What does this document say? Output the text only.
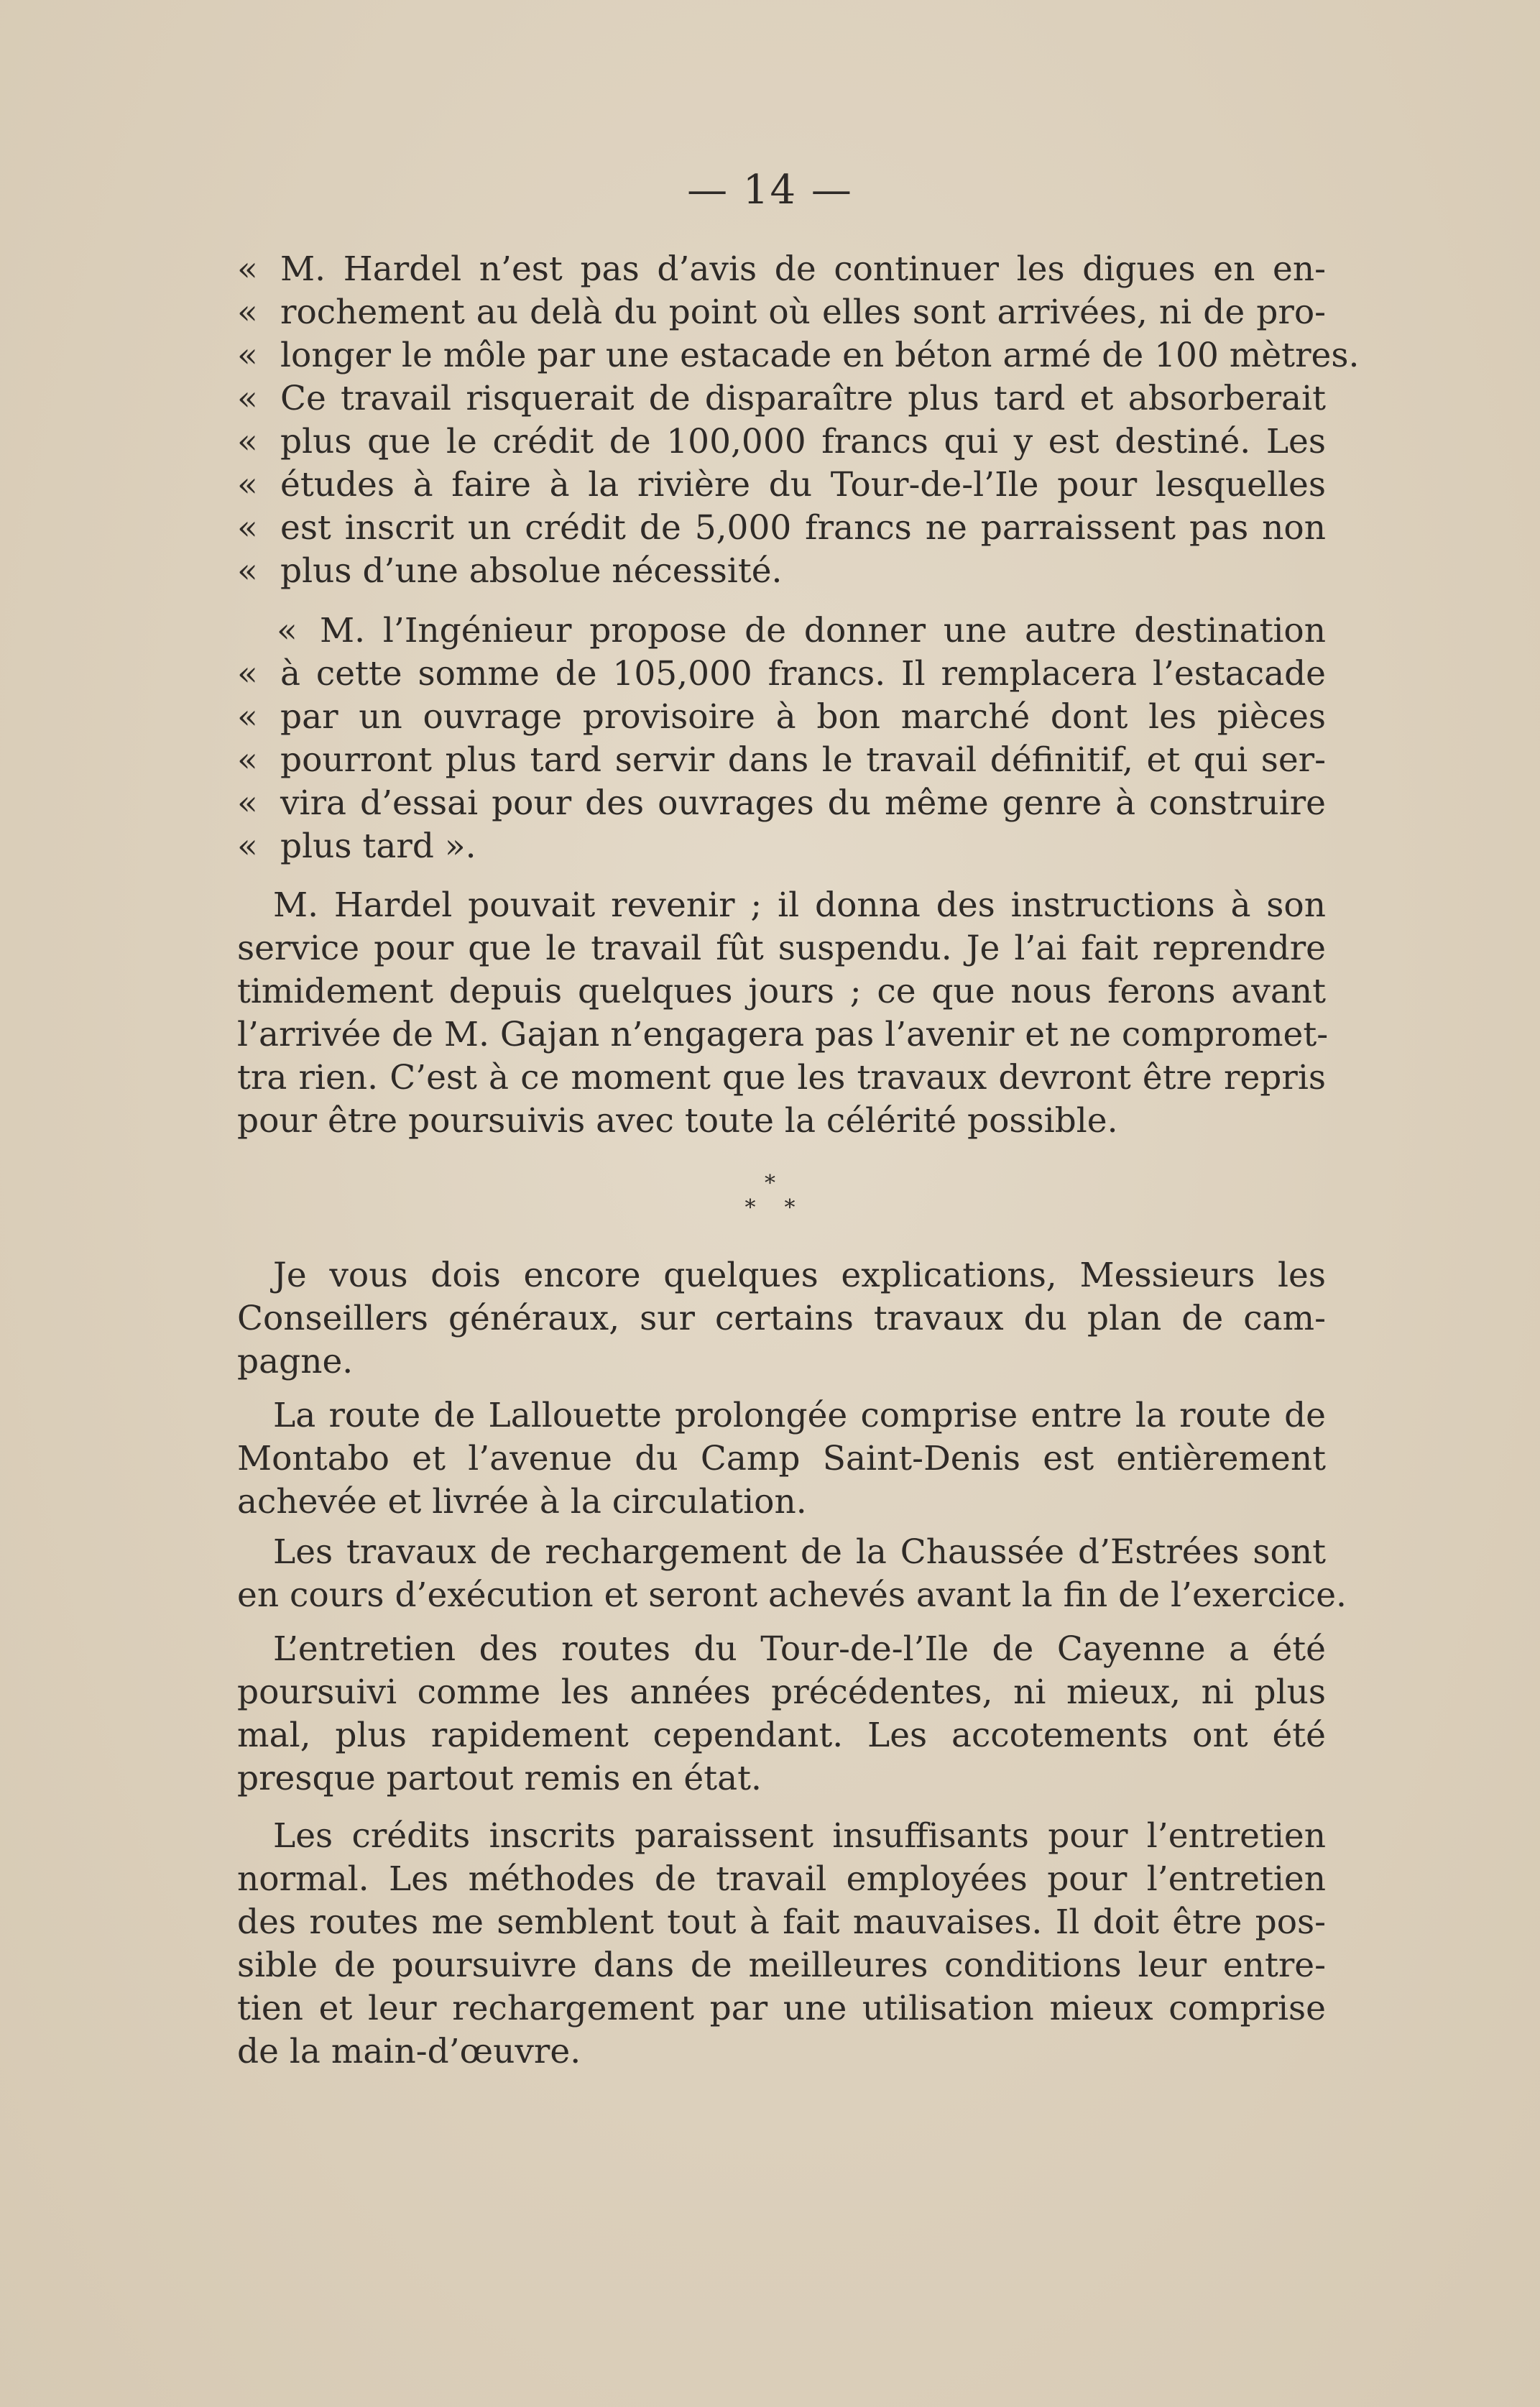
— 14 —
« M. Hardel n’est pas d’avis de continuer les digues en en-
« rochement au delà du point où elles sont arrivées, ni de pro-
« longer le môle par une estacade en béton armé de 100 mètres.
« Ce travail risquerait de disparaître plus tard et absorberait
« plus que le crédit de 100,000 francs qui y est destiné. Les
« études à faire à la rivière du Tour-de-l’Ile pour lesquelles
« est inscrit un crédit de 5,000 francs ne parraissent pas non
« plus d’une absolue nécessité.
« M. l’Ingénieur propose de donner une autre destination
« à cette somme de 105,000 francs. Il remplacera l’estacade
« par un ouvrage provisoire à bon marché dont les pièces
« pourront plus tard servir dans le travail définitif, et qui ser-
« vira d’essai pour des ouvrages du même genre à construire
« plus tard ».
M. Hardel pouvait revenir ; il donna des instructions à son
service pour que le travail fût suspendu. Je l’ai fait reprendre
timidement depuis quelques jours ; ce que nous ferons avant
l’arrivée de M. Gajan n’engagera pas l’avenir et ne compromet-
tra rien. C’est à ce moment que les travaux devront être repris
pour être poursuivis avec toute la célérité possible.
*
**
Je vous dois encore quelques explications, Messieurs les
Conseillers généraux, sur certains travaux du plan de cam-
pagne.
La route de Lallouette prolongée comprise entre la route de
Montabo et l’avenue du Camp Saint-Denis est entièrement
achevée et livrée à la circulation.
Les travaux de rechargement de la Chaussée d’Estrées sont
en cours d’exécution et seront achevés avant la fin de l’exercice.
L’entretien des routes du Tour-de-l’Ile de Cayenne a été
poursuivi comme les années précédentes, ni mieux, ni plus
mal, plus rapidement cependant. Les accotements ont été
presque partout remis en état.
Les crédits inscrits paraissent insuffisants pour l’entretien
normal. Les méthodes de travail employées pour l’entretien
des routes me semblent tout à fait mauvaises. Il doit être pos-
sible de poursuivre dans de meilleures conditions leur entre-
tien et leur rechargement par une utilisation mieux comprise
de la main-d’œuvre.
